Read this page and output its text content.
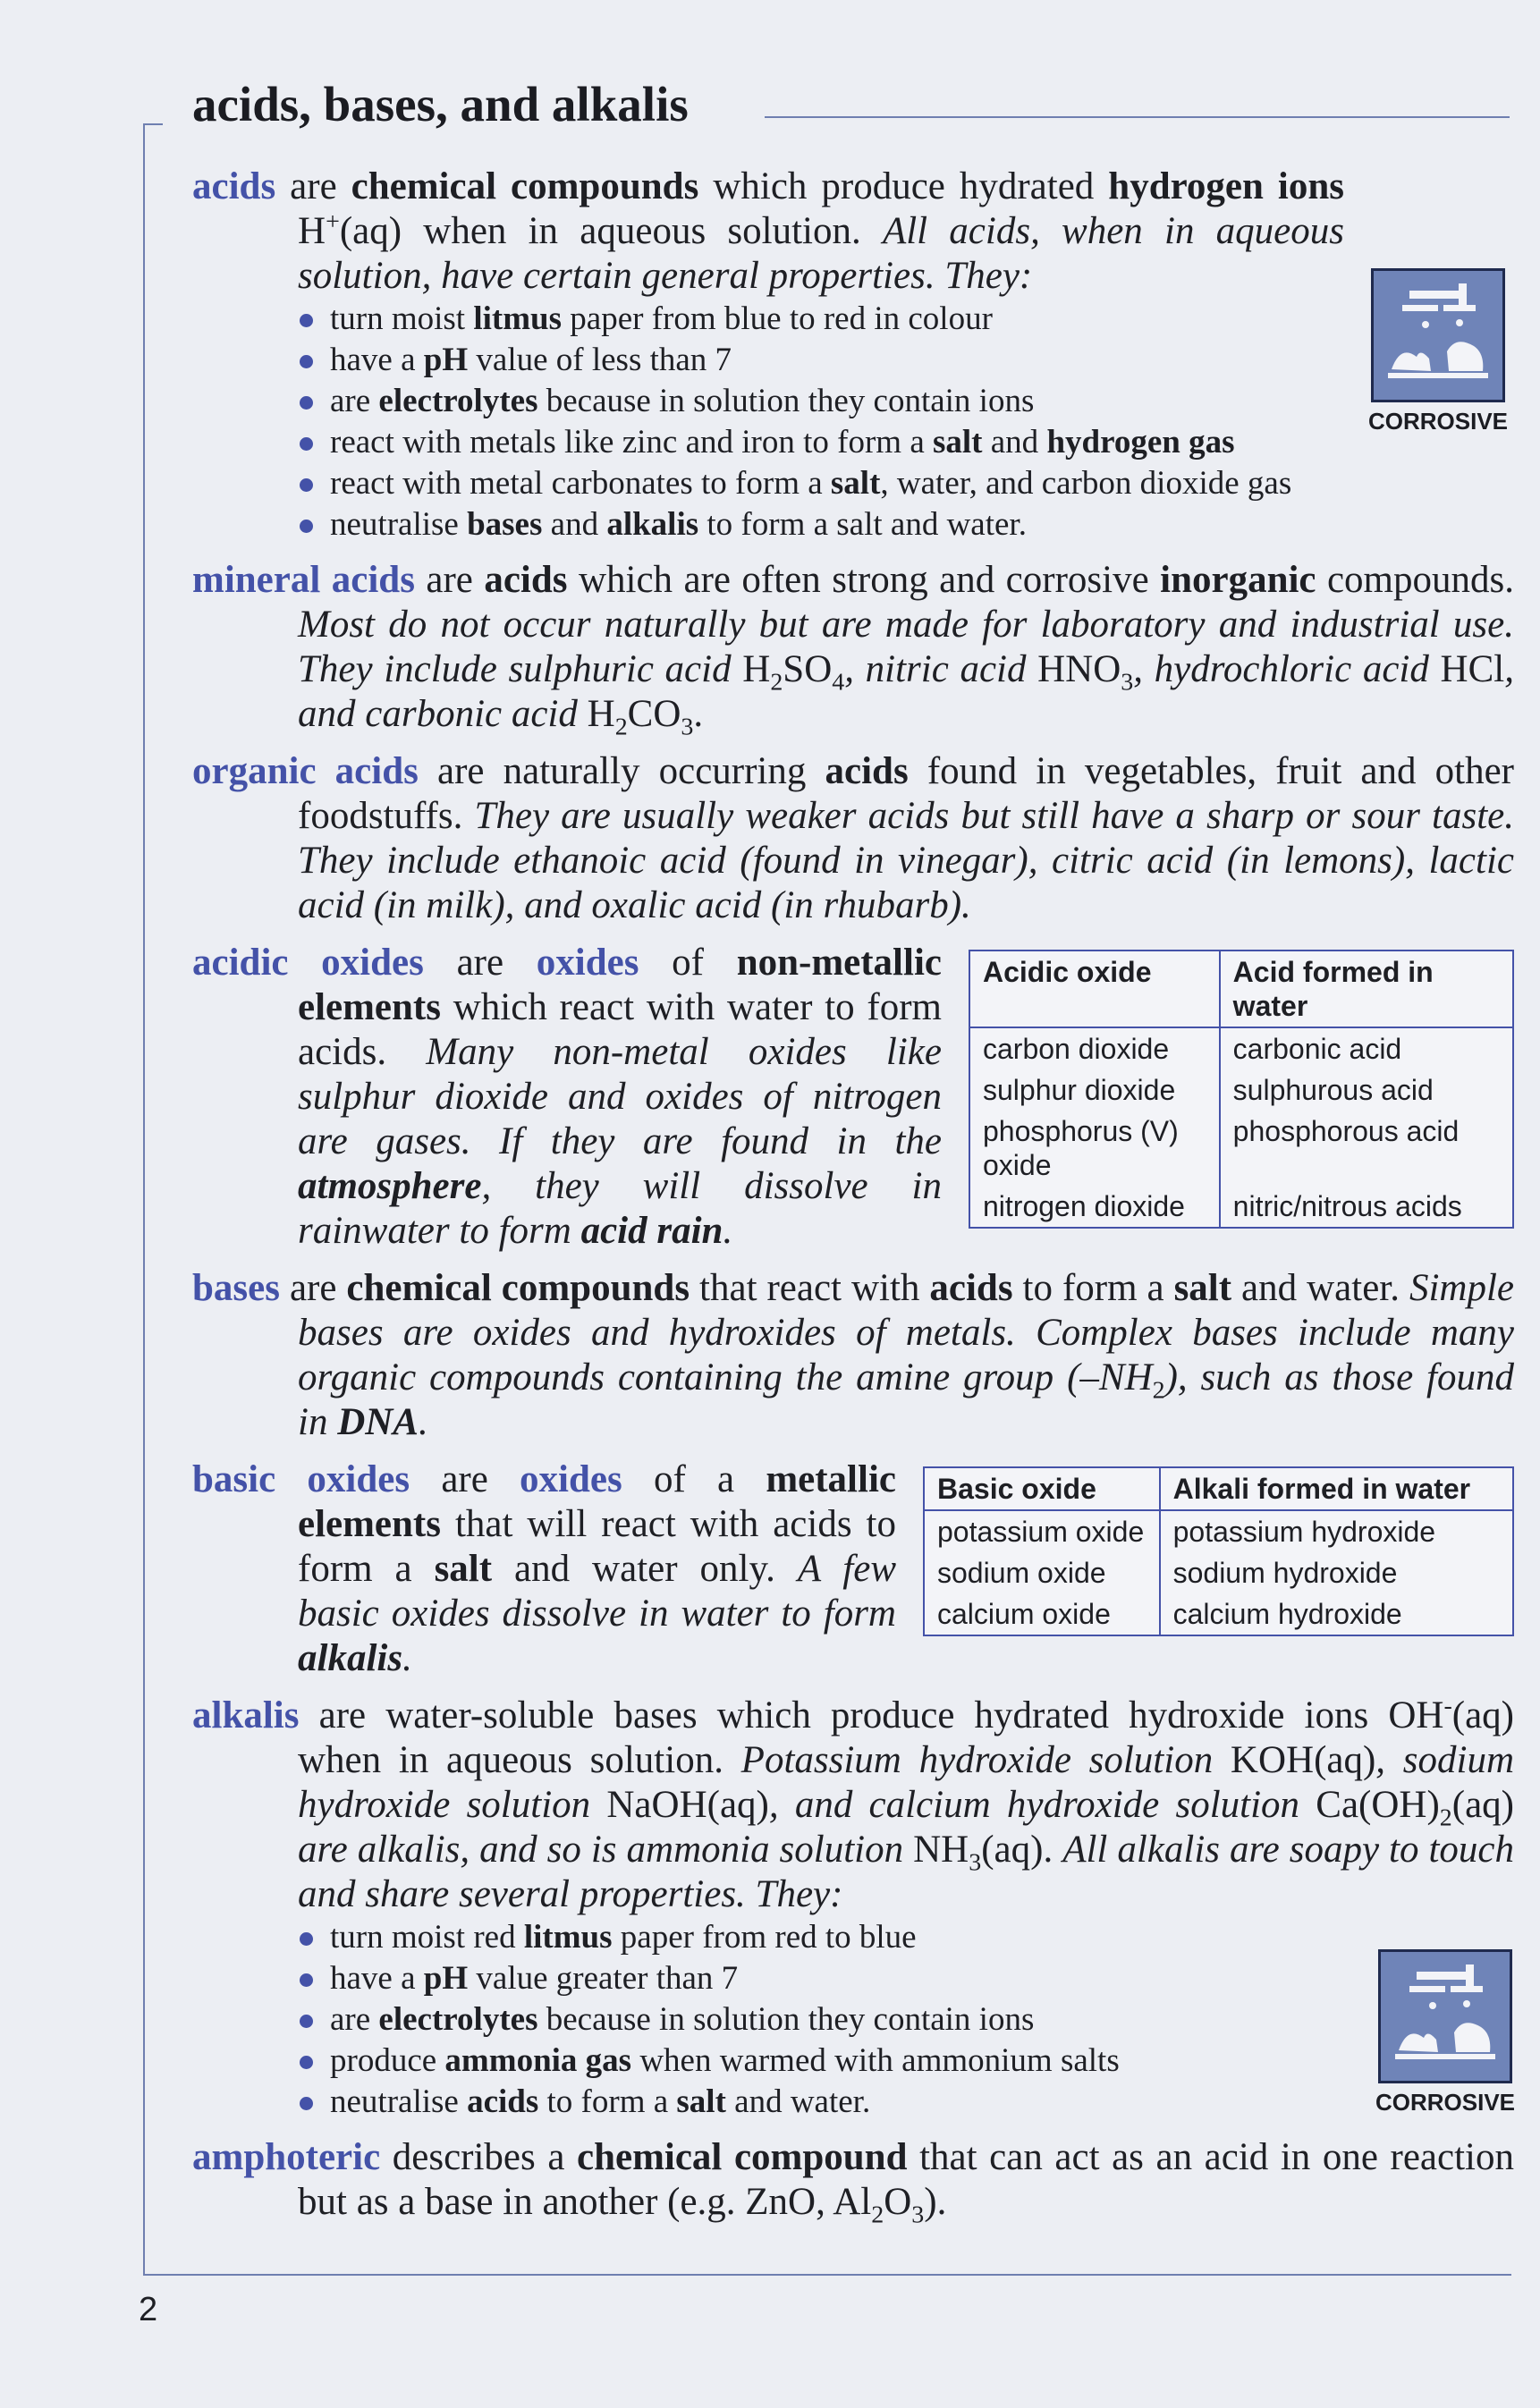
acids, bases, and alkalis
CORROSIVE
CORROSIVE
acids are chemical compounds which produce hydrated hydrogen ions H+(aq) when in aqueous solution. All acids, when in aqueous solution, have certain general properties. They:
turn moist litmus paper from blue to red in colour
have a pH value of less than 7
are electrolytes because in solution they contain ions
react with metals like zinc and iron to form a salt and hydrogen gas
react with metal carbonates to form a salt, water, and carbon dioxide gas
neutralise bases and alkalis to form a salt and water.
mineral acids are acids which are often strong and corrosive inorganic compounds. Most do not occur naturally but are made for laboratory and industrial use. They include sulphuric acid $H_2SO_4$, nitric acid $HNO_3$, hydrochloric acid HCl, and carbonic acid $H_2CO_3$.
organic acids are naturally occurring acids found in vegetables, fruit and other foodstuffs. They are usually weaker acids but still have a sharp or sour taste. They include ethanoic acid (found in vinegar), citric acid (in lemons), lactic acid (in milk), and oxalic acid (in rhubarb).
Acidic oxide	Acid formed in water
carbon dioxide	carbonic acid
sulphur dioxide	sulphurous acid
phosphorus (V) oxide	phosphorous acid
nitrogen dioxide	nitric/nitrous acids
acidic oxides are oxides of non-metallic elements which react with water to form acids. Many non-metal oxides like sulphur dioxide and oxides of nitrogen are gases. If they are found in the atmosphere, they will dissolve in rainwater to form acid rain.
bases are chemical compounds that react with acids to form a salt and water. Simple bases are oxides and hydroxides of metals. Complex bases include many organic compounds containing the amine group $(-NH_2)$, such as those found in DNA.
Basic oxide	Alkali formed in water
potassium oxide	potassium hydroxide
sodium oxide	sodium hydroxide
calcium oxide	calcium hydroxide
basic oxides are oxides of a metallic elements that will react with acids to form a salt and water only. A few basic oxides dissolve in water to form alkalis.
alkalis are water-soluble bases which produce hydrated hydroxide ions OH-(aq) when in aqueous solution. Potassium hydroxide solution KOH(aq), sodium hydroxide solution NaOH(aq), and calcium hydroxide solution $Ca(OH)_2(aq)$ are alkalis, and so is ammonia solution $NH_3(aq)$. All alkalis are soapy to touch and share several properties. They:
turn moist red litmus paper from red to blue
have a pH value greater than 7
are electrolytes because in solution they contain ions
produce ammonia gas when warmed with ammonium salts
neutralise acids to form a salt and water.
amphoteric describes a chemical compound that can act as an acid in one reaction but as a base in another (e.g. ZnO, $Al_2O_3$).
2
